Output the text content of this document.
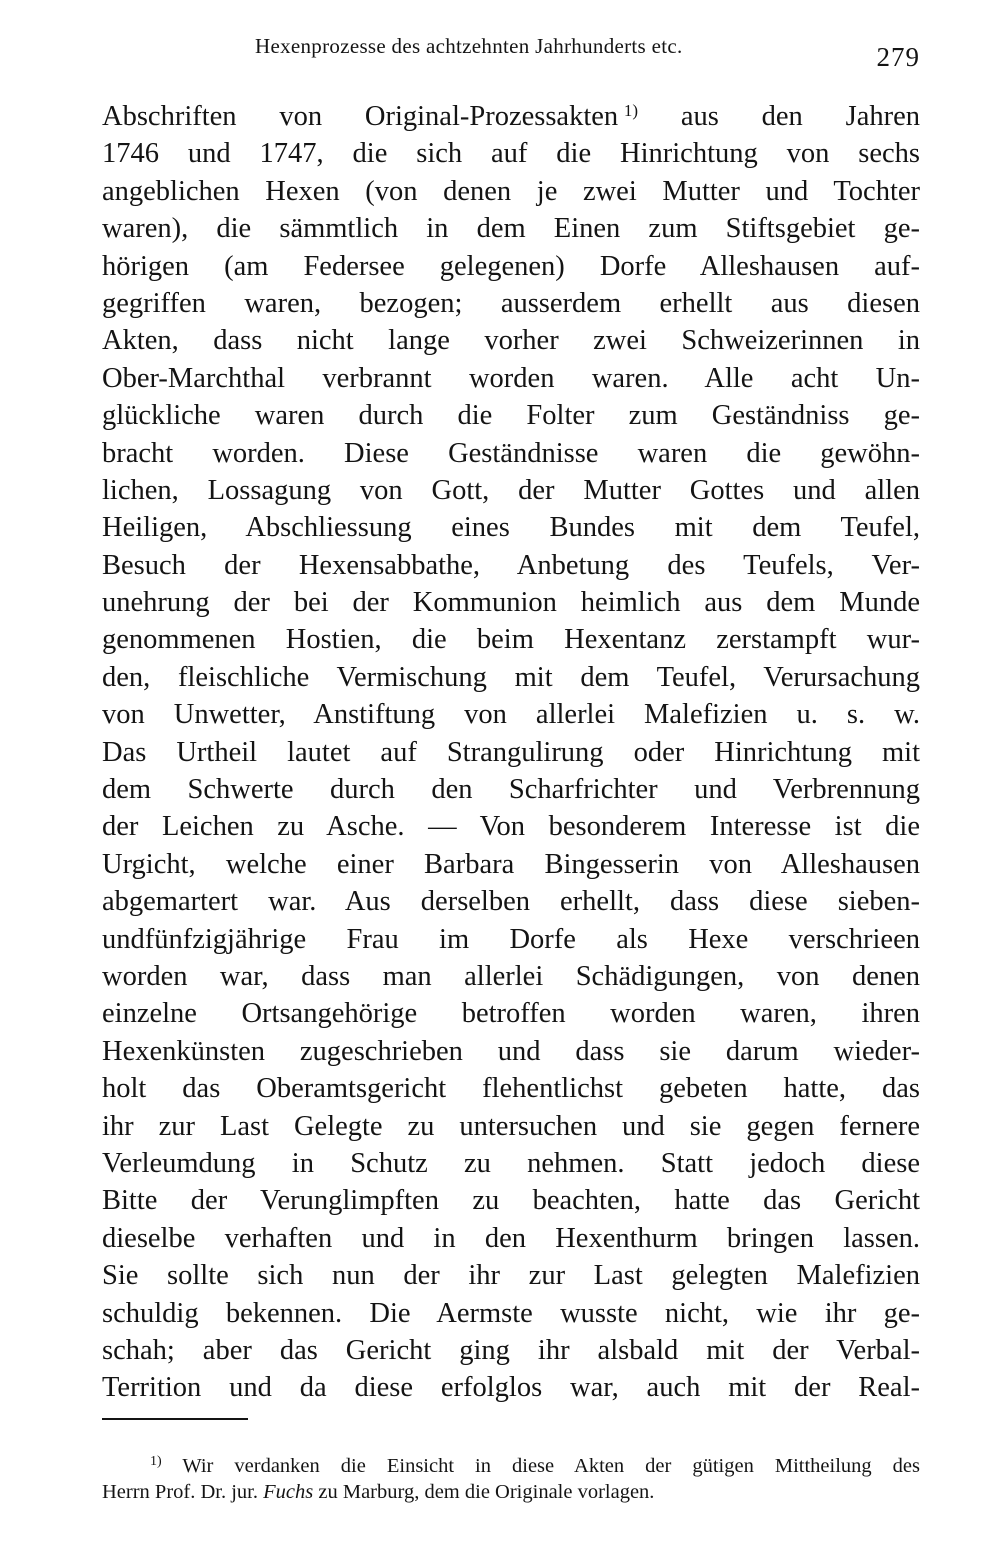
Hexenprozesse des achtzehnten Jahrhunderts etc.	279
Abschriften von Original-Prozessakten  $^{1)}$ aus den Jahren
1746 und 1747, die sich auf die Hinrichtung von sechs
angeblichen Hexen (von denen je zwei Mutter und Tochter
waren), die sämmtlich in dem Einen zum Stiftsgebiet ge-
hörigen (am Federsee gelegenen) Dorfe Alleshausen auf-
gegriffen waren, bezogen; ausserdem erhellt aus diesen
Akten, dass nicht lange vorher zwei Schweizerinnen in
Ober-Marchthal verbrannt worden waren. Alle acht Un-
glückliche waren durch die Folter zum Geständniss ge-
bracht worden. Diese Geständnisse waren die gewöhn-
lichen, Lossagung von Gott, der Mutter Gottes und allen
Heiligen, Abschliessung eines Bundes mit dem Teufel,
Besuch der Hexensabbathe, Anbetung des Teufels, Ver-
unehrung der bei der Kommunion heimlich aus dem Munde
genommenen Hostien, die beim Hexentanz zerstampft wur-
den, fleischliche Vermischung mit dem Teufel, Verursachung
von Unwetter, Anstiftung von allerlei Malefizien u. s. w.
Das Urtheil lautet auf Strangulirung oder Hinrichtung mit
dem Schwerte durch den Scharfrichter und Verbrennung
der Leichen zu Asche. — Von besonderem Interesse ist die
Urgicht, welche einer Barbara Bingesserin von Alleshausen
abgemartert war. Aus derselben erhellt, dass diese sieben-
undfünfzigjährige Frau im Dorfe als Hexe verschrieen
worden war, dass man allerlei Schädigungen, von denen
einzelne Ortsangehörige betroffen worden waren, ihren
Hexenkünsten zugeschrieben und dass sie darum wieder-
holt das Oberamtsgericht flehentlichst gebeten hatte, das
ihr zur Last Gelegte zu untersuchen und sie gegen fernere
Verleumdung in Schutz zu nehmen. Statt jedoch diese
Bitte der Verunglimpften zu beachten, hatte das Gericht
dieselbe verhaften und in den Hexenthurm bringen lassen.
Sie sollte sich nun der ihr zur Last gelegten Malefizien
schuldig bekennen. Die Aermste wusste nicht, wie ihr ge-
schah; aber das Gericht ging ihr alsbald mit der Verbal-
Territion und da diese erfolglos war, auch mit der Real-
$^{1)}$ Wir verdanken die Einsicht in diese Akten der gütigen Mittheilung des
Herrn Prof. Dr. jur. Fuchs zu Marburg, dem die Originale vorlagen.
